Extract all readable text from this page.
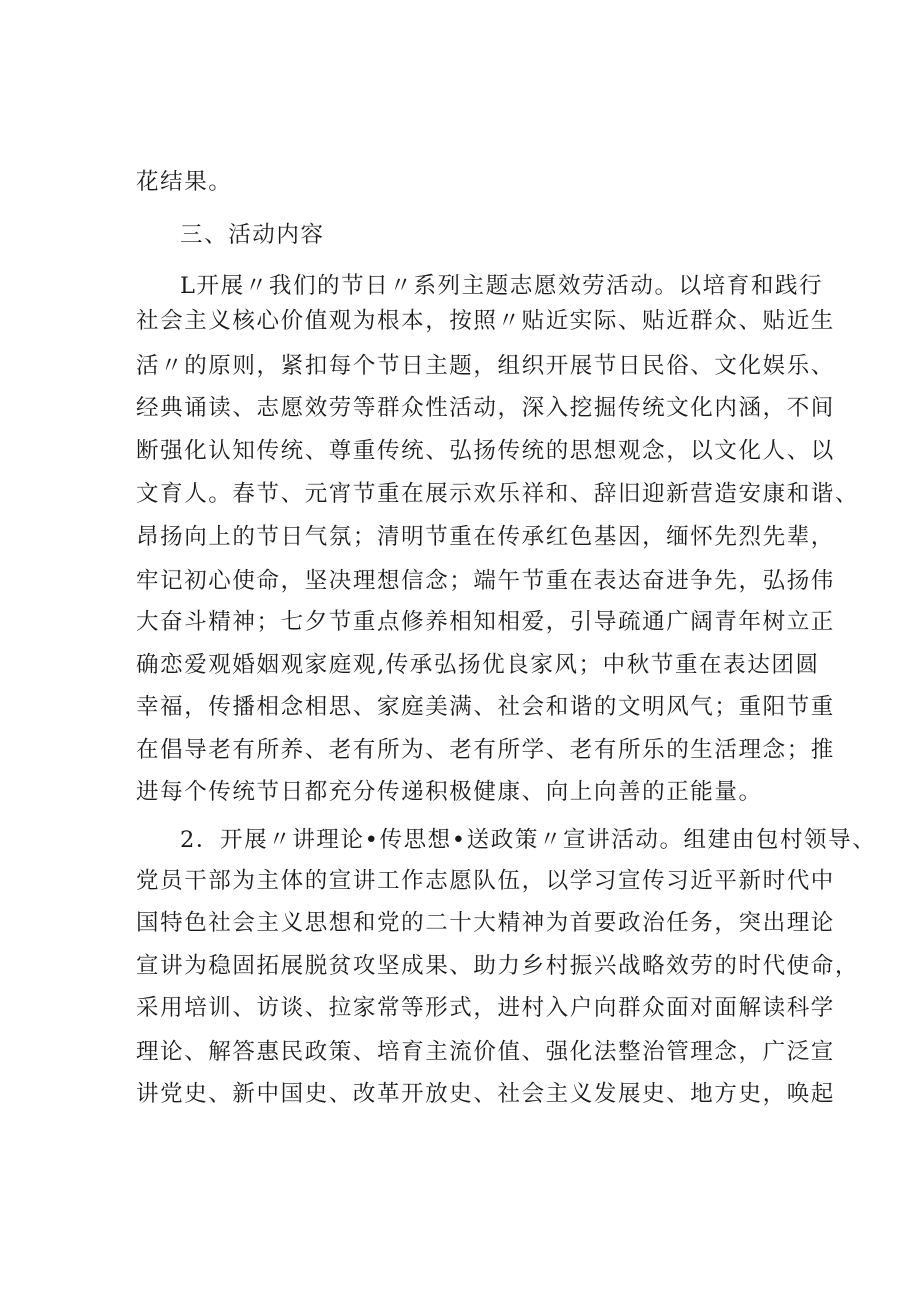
花结果。
三、活动内容
L开展〃我们的节日〃系列主题志愿效劳活动。以培育和践行
社会主义核心价值观为根本，按照〃贴近实际、贴近群众、贴近生
活〃的原则，紧扣每个节日主题，组织开展节日民俗、文化娱乐、
经典诵读、志愿效劳等群众性活动，深入挖掘传统文化内涵，不间
断强化认知传统、尊重传统、弘扬传统的思想观念，以文化人、以
文育人。春节、元宵节重在展示欢乐祥和、辞旧迎新营造安康和谐、
昂扬向上的节日气氛；清明节重在传承红色基因，缅怀先烈先辈，
牢记初心使命，坚决理想信念；端午节重在表达奋进争先，弘扬伟
大奋斗精神；七夕节重点修养相知相爱，引导疏通广阔青年树立正
确恋爱观婚姻观家庭观,传承弘扬优良家风；中秋节重在表达团圆
幸福，传播相念相思、家庭美满、社会和谐的文明风气；重阳节重
在倡导老有所养、老有所为、老有所学、老有所乐的生活理念；推
进每个传统节日都充分传递积极健康、向上向善的正能量。
2．开展〃讲理论•传思想•送政策〃宣讲活动。组建由包村领导、
党员干部为主体的宣讲工作志愿队伍，以学习宣传习近平新时代中
国特色社会主义思想和党的二十大精神为首要政治任务，突出理论
宣讲为稳固拓展脱贫攻坚成果、助力乡村振兴战略效劳的时代使命，
采用培训、访谈、拉家常等形式，进村入户向群众面对面解读科学
理论、解答惠民政策、培育主流价值、强化法整治管理念，广泛宣
讲党史、新中国史、改革开放史、社会主义发展史、地方史，唤起
